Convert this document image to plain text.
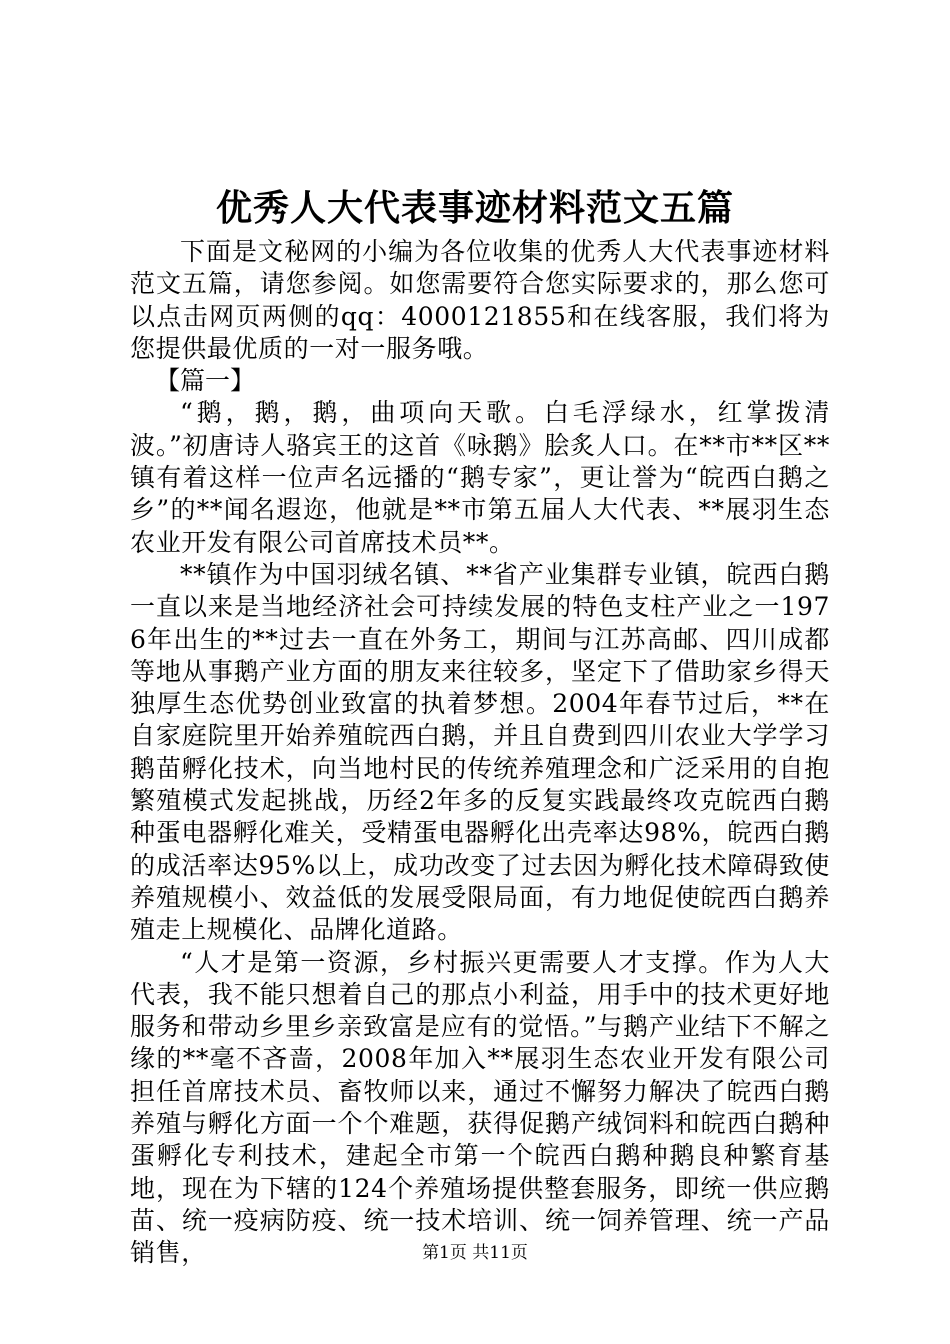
优秀人大代表事迹材料范文五篇

下面是文秘网的小编为各位收集的优秀人大代表事迹材料范文五篇，请您参阅。如您需要符合您实际要求的，那么您可以点击网页两侧的qq：4000121855和在线客服，我们将为您提供最优质的一对一服务哦。

【篇一】

“鹅，鹅，鹅，曲项向天歌。白毛浮绿水，红掌拨清波。”初唐诗人骆宾王的这首《咏鹅》脍炙人口。在**市**区**镇有着这样一位声名远播的“鹅专家”，更让誉为“皖西白鹅之乡”的**闻名遐迩，他就是**市第五届人大代表、**展羽生态农业开发有限公司首席技术员**。

**镇作为中国羽绒名镇、**省产业集群专业镇，皖西白鹅一直以来是当地经济社会可持续发展的特色支柱产业之一1976年出生的**过去一直在外务工，期间与江苏高邮、四川成都等地从事鹅产业方面的朋友来往较多，坚定下了借助家乡得天独厚生态优势创业致富的执着梦想。2004年春节过后，**在自家庭院里开始养殖皖西白鹅，并且自费到四川农业大学学习鹅苗孵化技术，向当地村民的传统养殖理念和广泛采用的自抱繁殖模式发起挑战，历经2年多的反复实践最终攻克皖西白鹅种蛋电器孵化难关，受精蛋电器孵化出壳率达98%，皖西白鹅的成活率达95%以上，成功改变了过去因为孵化技术障碍致使养殖规模小、效益低的发展受限局面，有力地促使皖西白鹅养殖走上规模化、品牌化道路。

“人才是第一资源，乡村振兴更需要人才支撑。作为人大代表，我不能只想着自己的那点小利益，用手中的技术更好地服务和带动乡里乡亲致富是应有的觉悟。”与鹅产业结下不解之缘的**毫不吝啬，2008年加入**展羽生态农业开发有限公司担任首席技术员、畜牧师以来，通过不懈努力解决了皖西白鹅养殖与孵化方面一个个难题，获得促鹅产绒饲料和皖西白鹅种蛋孵化专利技术，建起全市第一个皖西白鹅种鹅良种繁育基地，现在为下辖的124个养殖场提供整套服务，即统一供应鹅苗、统一疫病防疫、统一技术培训、统一饲养管理、统一产品销售，	第1页 共11页
